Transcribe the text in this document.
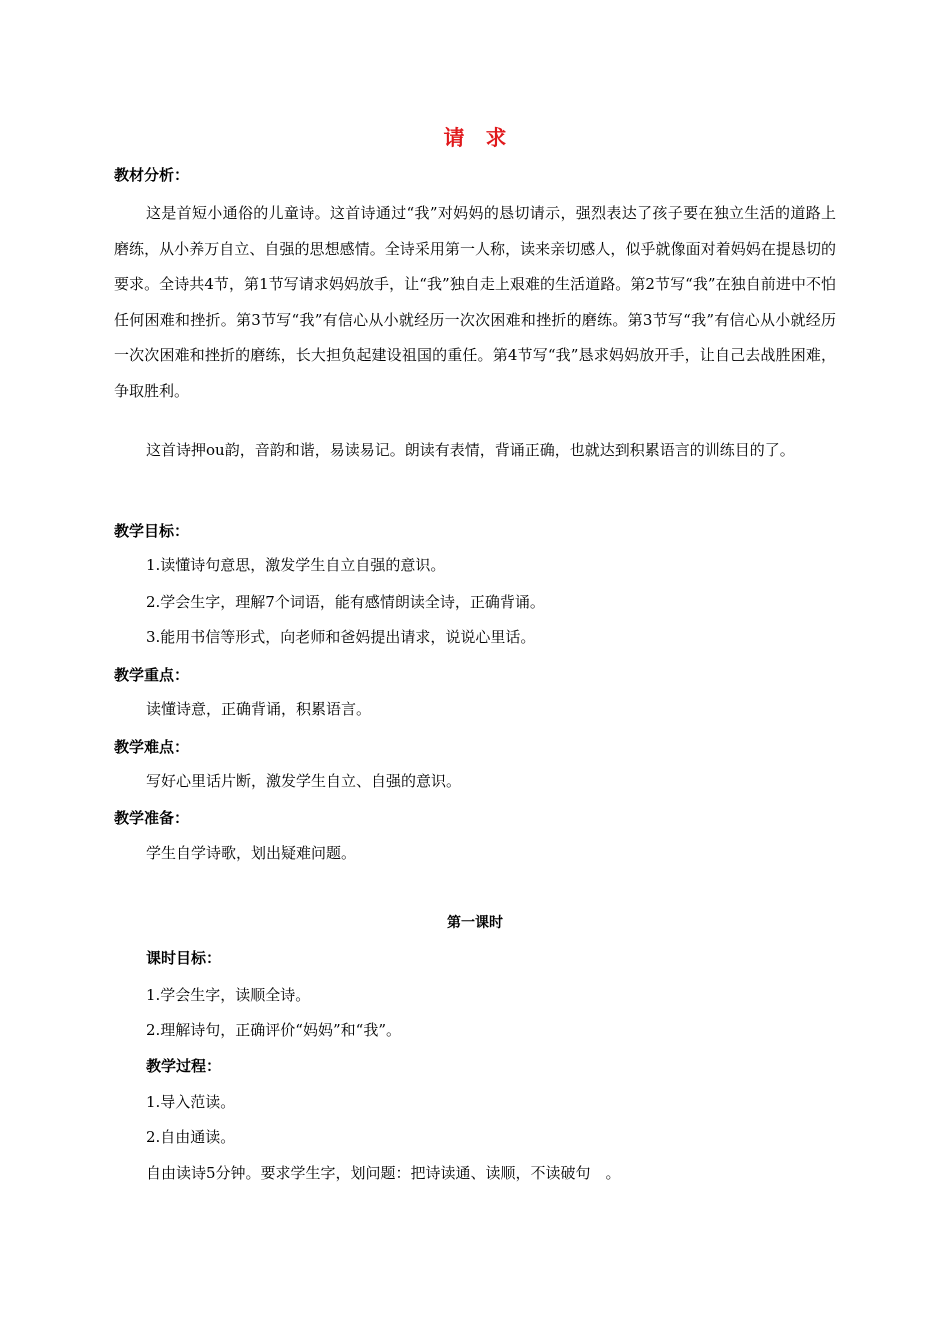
请　求
教材分析：
这是首短小通俗的儿童诗。这首诗通过“我”对妈妈的恳切请示，强烈表达了孩子要在独立生活的道路上磨练，从小养万自立、自强的思想感情。全诗采用第一人称，读来亲切感人，似乎就像面对着妈妈在提恳切的要求。全诗共4节，第1节写请求妈妈放手，让“我”独自走上艰难的生活道路。第2节写“我”在独自前进中不怕任何困难和挫折。第3节写“我”有信心从小就经历一次次困难和挫折的磨练。第3节写“我”有信心从小就经历一次次困难和挫折的磨练，长大担负起建设祖国的重任。第4节写“我”恳求妈妈放开手，让自己去战胜困难，争取胜利。
这首诗押ou韵，音韵和谐，易读易记。朗读有表情，背诵正确，也就达到积累语言的训练目的了。
教学目标：
1.读懂诗句意思，激发学生自立自强的意识。
2.学会生字，理解7个词语，能有感情朗读全诗，正确背诵。
3.能用书信等形式，向老师和爸妈提出请求，说说心里话。
教学重点：
读懂诗意，正确背诵，积累语言。
教学难点：
写好心里话片断，激发学生自立、自强的意识。
教学准备：
学生自学诗歌，划出疑难问题。
第一课时
课时目标：
1.学会生字，读顺全诗。
2.理解诗句，正确评价“妈妈”和“我”。
教学过程：
1.导入范读。
2.自由通读。
自由读诗5分钟。要求学生字，划问题：把诗读通、读顺，不读破句　。
